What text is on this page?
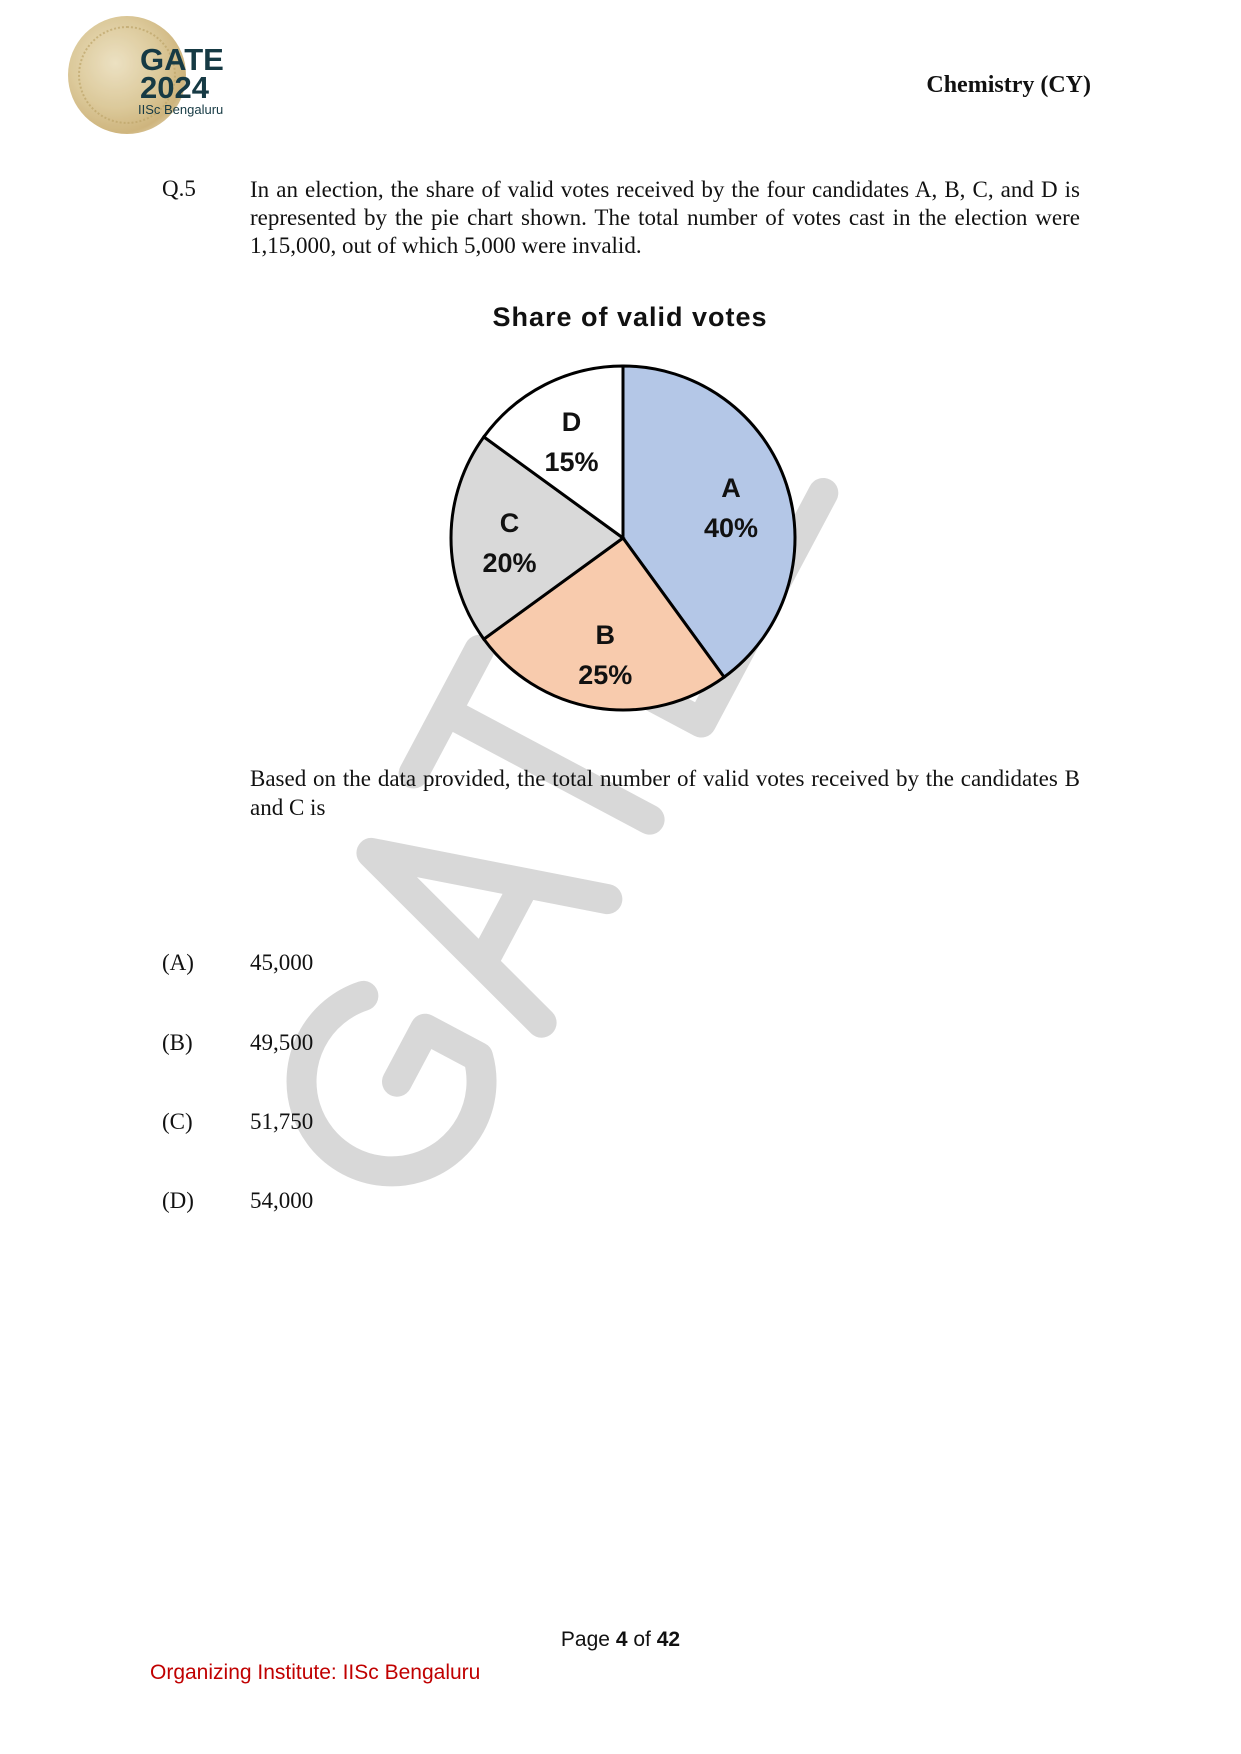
GATE
2024
IISc Bengaluru
Chemistry (CY)
Q.5 In an election, the share of valid votes received by the four candidates A, B, C, and D is represented by the pie chart shown. The total number of votes cast in the election were 1,15,000, out of which 5,000 were invalid.
Share of valid votes
A
40%
B
25%
C
20%
D
15%
Based on the data provided, the total number of valid votes received by the candidates B and C is
(A) 45,000
(B) 49,500
(C) 51,750
(D) 54,000
Page 4 of 42
Organizing Institute: IISc Bengaluru
